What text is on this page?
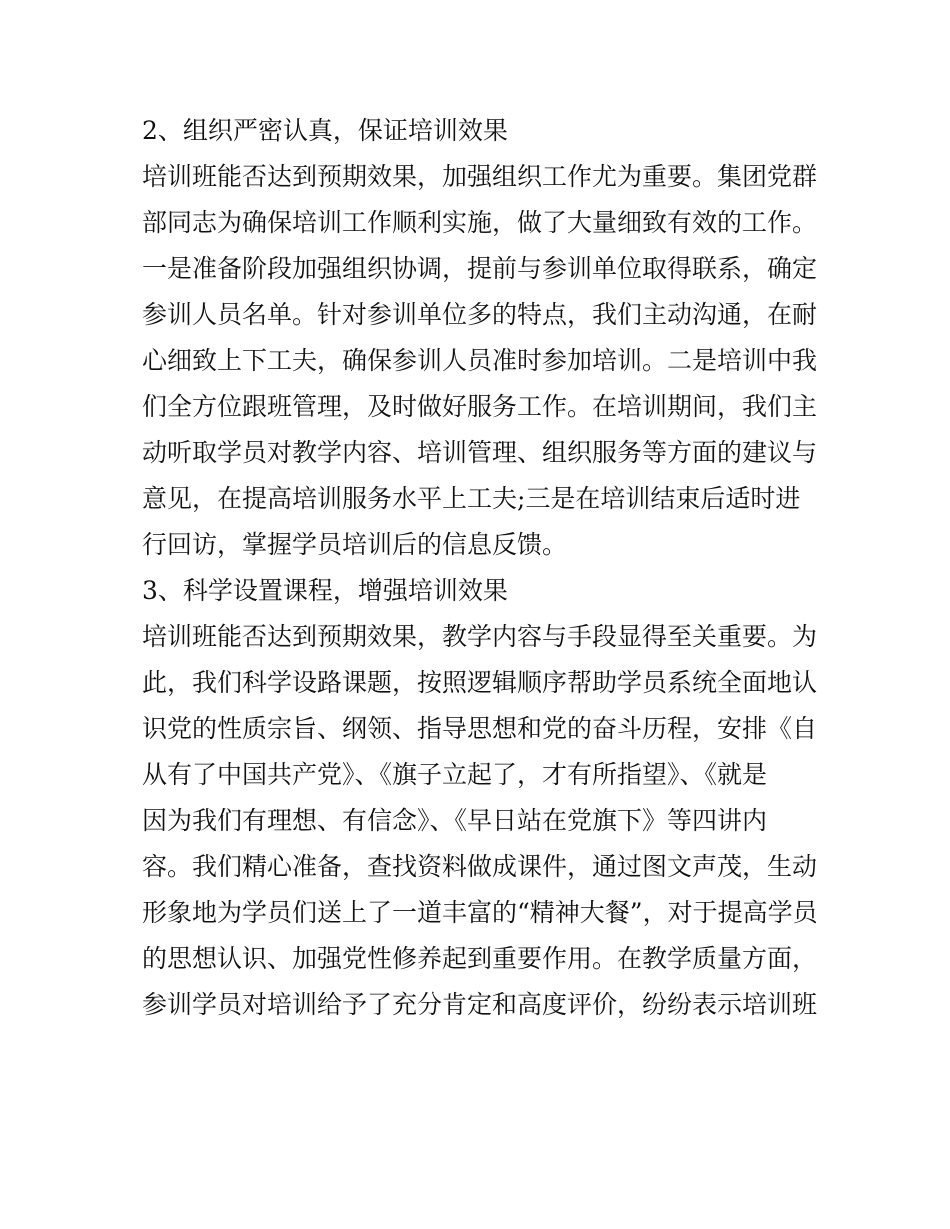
2、组织严密认真，保证培训效果
培训班能否达到预期效果，加强组织工作尤为重要。集团党群
部同志为确保培训工作顺利实施，做了大量细致有效的工作。
一是准备阶段加强组织协调，提前与参训单位取得联系，确定
参训人员名单。针对参训单位多的特点，我们主动沟通，在耐
心细致上下工夫，确保参训人员准时参加培训。二是培训中我
们全方位跟班管理，及时做好服务工作。在培训期间，我们主
动听取学员对教学内容、培训管理、组织服务等方面的建议与
意见，在提高培训服务水平上工夫;三是在培训结束后适时进
行回访，掌握学员培训后的信息反馈。
3、科学设置课程，增强培训效果
培训班能否达到预期效果，教学内容与手段显得至关重要。为
此，我们科学设路课题，按照逻辑顺序帮助学员系统全面地认
识党的性质宗旨、纲领、指导思想和党的奋斗历程，安排《自
从有了中国共产党》、《旗子立起了，才有所指望》、《就是
因为我们有理想、有信念》、《早日站在党旗下》等四讲内
容。我们精心准备，查找资料做成课件，通过图文声茂，生动
形象地为学员们送上了一道丰富的“精神大餐”，对于提高学员
的思想认识、加强党性修养起到重要作用。在教学质量方面，
参训学员对培训给予了充分肯定和高度评价，纷纷表示培训班
